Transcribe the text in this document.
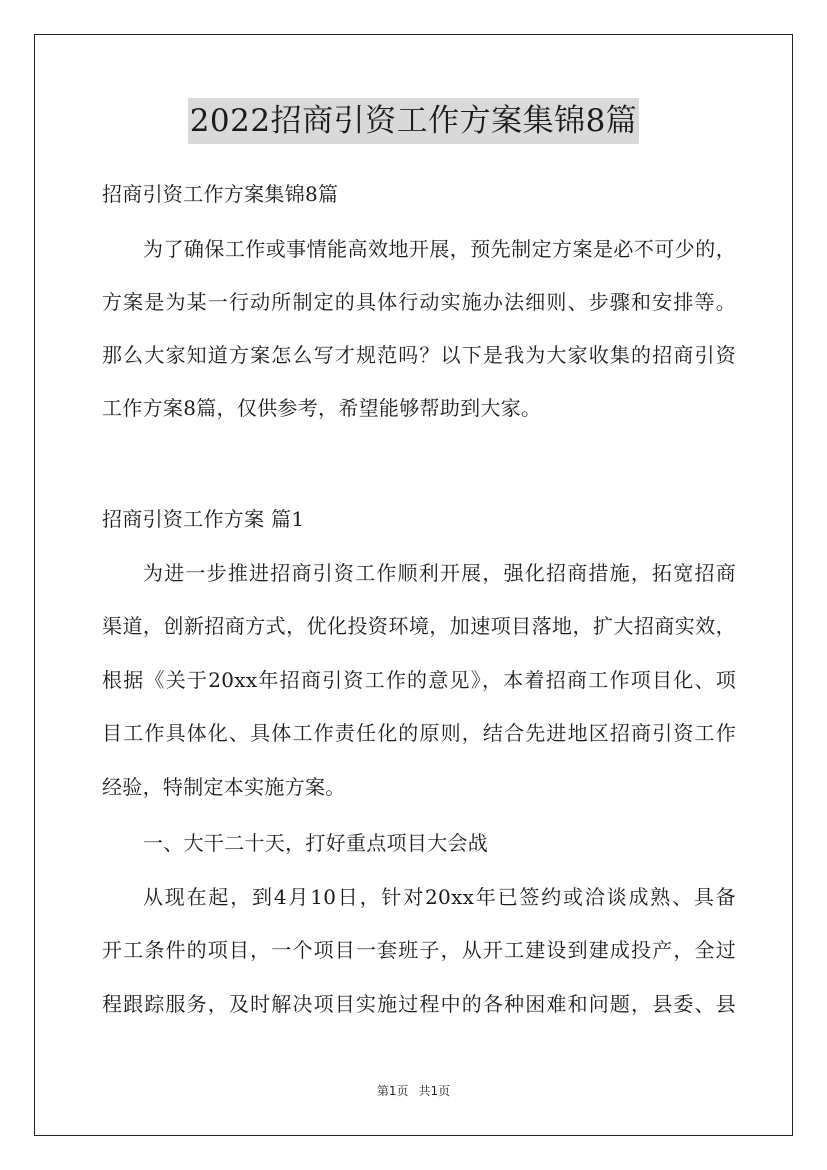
2022招商引资工作方案集锦8篇
招商引资工作方案集锦8篇
为了确保工作或事情能高效地开展，预先制定方案是必不可少的，
方案是为某一行动所制定的具体行动实施办法细则、步骤和安排等。
那么大家知道方案怎么写才规范吗？以下是我为大家收集的招商引资
工作方案8篇，仅供参考，希望能够帮助到大家。
招商引资工作方案 篇1
为进一步推进招商引资工作顺利开展，强化招商措施，拓宽招商
渠道，创新招商方式，优化投资环境，加速项目落地，扩大招商实效，
根据《关于20xx年招商引资工作的意见》，本着招商工作项目化、项
目工作具体化、具体工作责任化的原则，结合先进地区招商引资工作
经验，特制定本实施方案。
一、大干二十天，打好重点项目大会战
从现在起，到4月10日，针对20xx年已签约或洽谈成熟、具备
开工条件的项目，一个项目一套班子，从开工建设到建成投产，全过
程跟踪服务，及时解决项目实施过程中的各种困难和问题，县委、县
第1页 共1页
